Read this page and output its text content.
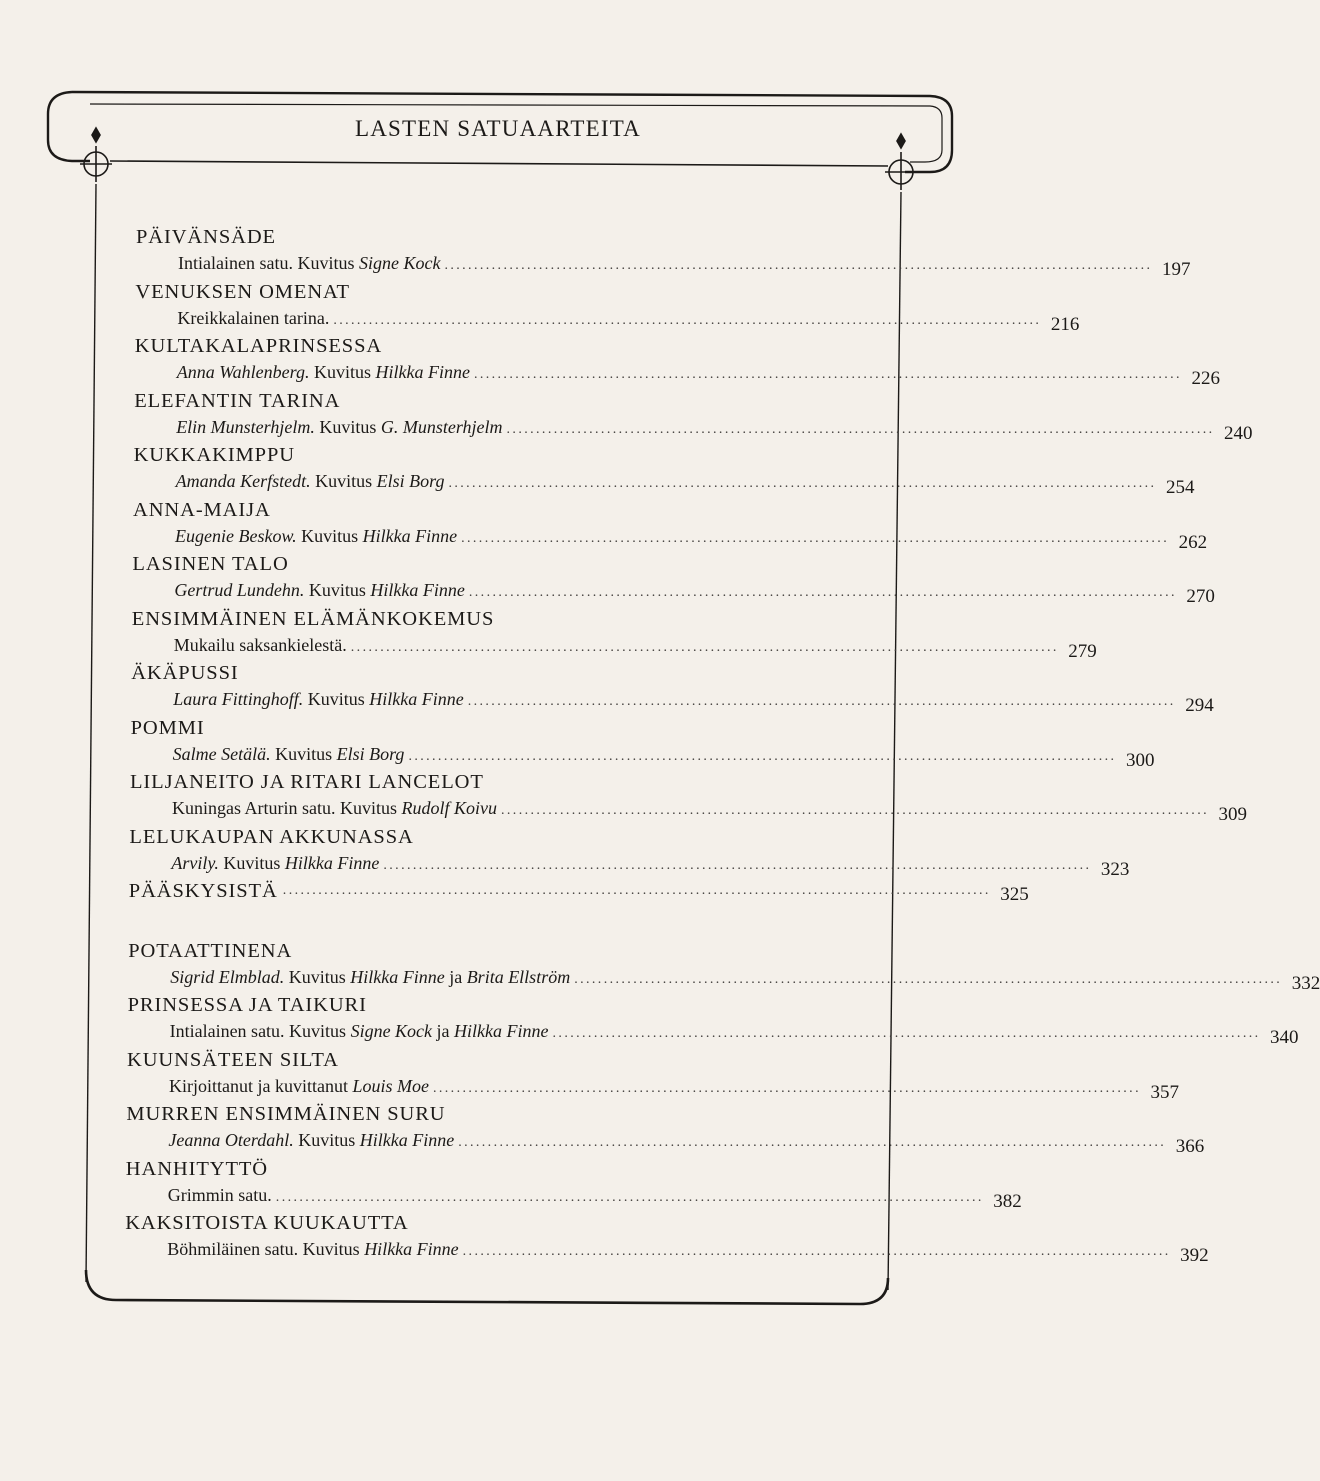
LASTEN SATUAARTEITA
PÄIVÄNSÄDE
Intialainen satu. Kuvitus Signe Kock ........................................................................................................................ 197
VENUKSEN OMENAT
Kreikkalainen tarina. ........................................................................................................................ 216
KULTAKALAPRINSESSA
Anna Wahlenberg. Kuvitus Hilkka Finne ........................................................................................................................ 226
ELEFANTIN TARINA
Elin Munsterhjelm. Kuvitus G. Munsterhjelm ........................................................................................................................ 240
KUKKAKIMPPU
Amanda Kerfstedt. Kuvitus Elsi Borg ........................................................................................................................ 254
ANNA-MAIJA
Eugenie Beskow. Kuvitus Hilkka Finne ........................................................................................................................ 262
LASINEN TALO
Gertrud Lundehn. Kuvitus Hilkka Finne ........................................................................................................................ 270
ENSIMMÄINEN ELÄMÄNKOKEMUS
Mukailu saksankielestä. ........................................................................................................................ 279
ÄKÄPUSSI
Laura Fittinghoff. Kuvitus Hilkka Finne ........................................................................................................................ 294
POMMI
Salme Setälä. Kuvitus Elsi Borg ........................................................................................................................ 300
LILJANEITO JA RITARI LANCELOT
Kuningas Arturin satu. Kuvitus Rudolf Koivu ........................................................................................................................ 309
LELUKAUPAN AKKUNASSA
Arvily. Kuvitus Hilkka Finne ........................................................................................................................ 323
PÄÄSKYSISTÄ ........................................................................................................................ 325
POTAATTINENA
Sigrid Elmblad. Kuvitus Hilkka Finne ja Brita Ellström ........................................................................................................................ 332
PRINSESSA JA TAIKURI
Intialainen satu. Kuvitus Signe Kock ja Hilkka Finne ........................................................................................................................ 340
KUUNSÄTEEN SILTA
Kirjoittanut ja kuvittanut Louis Moe ........................................................................................................................ 357
MURREN ENSIMMÄINEN SURU
Jeanna Oterdahl. Kuvitus Hilkka Finne ........................................................................................................................ 366
HANHITYTTÖ
Grimmin satu. ........................................................................................................................ 382
KAKSITOISTA KUUKAUTTA
Böhmiläinen satu. Kuvitus Hilkka Finne ........................................................................................................................ 392
